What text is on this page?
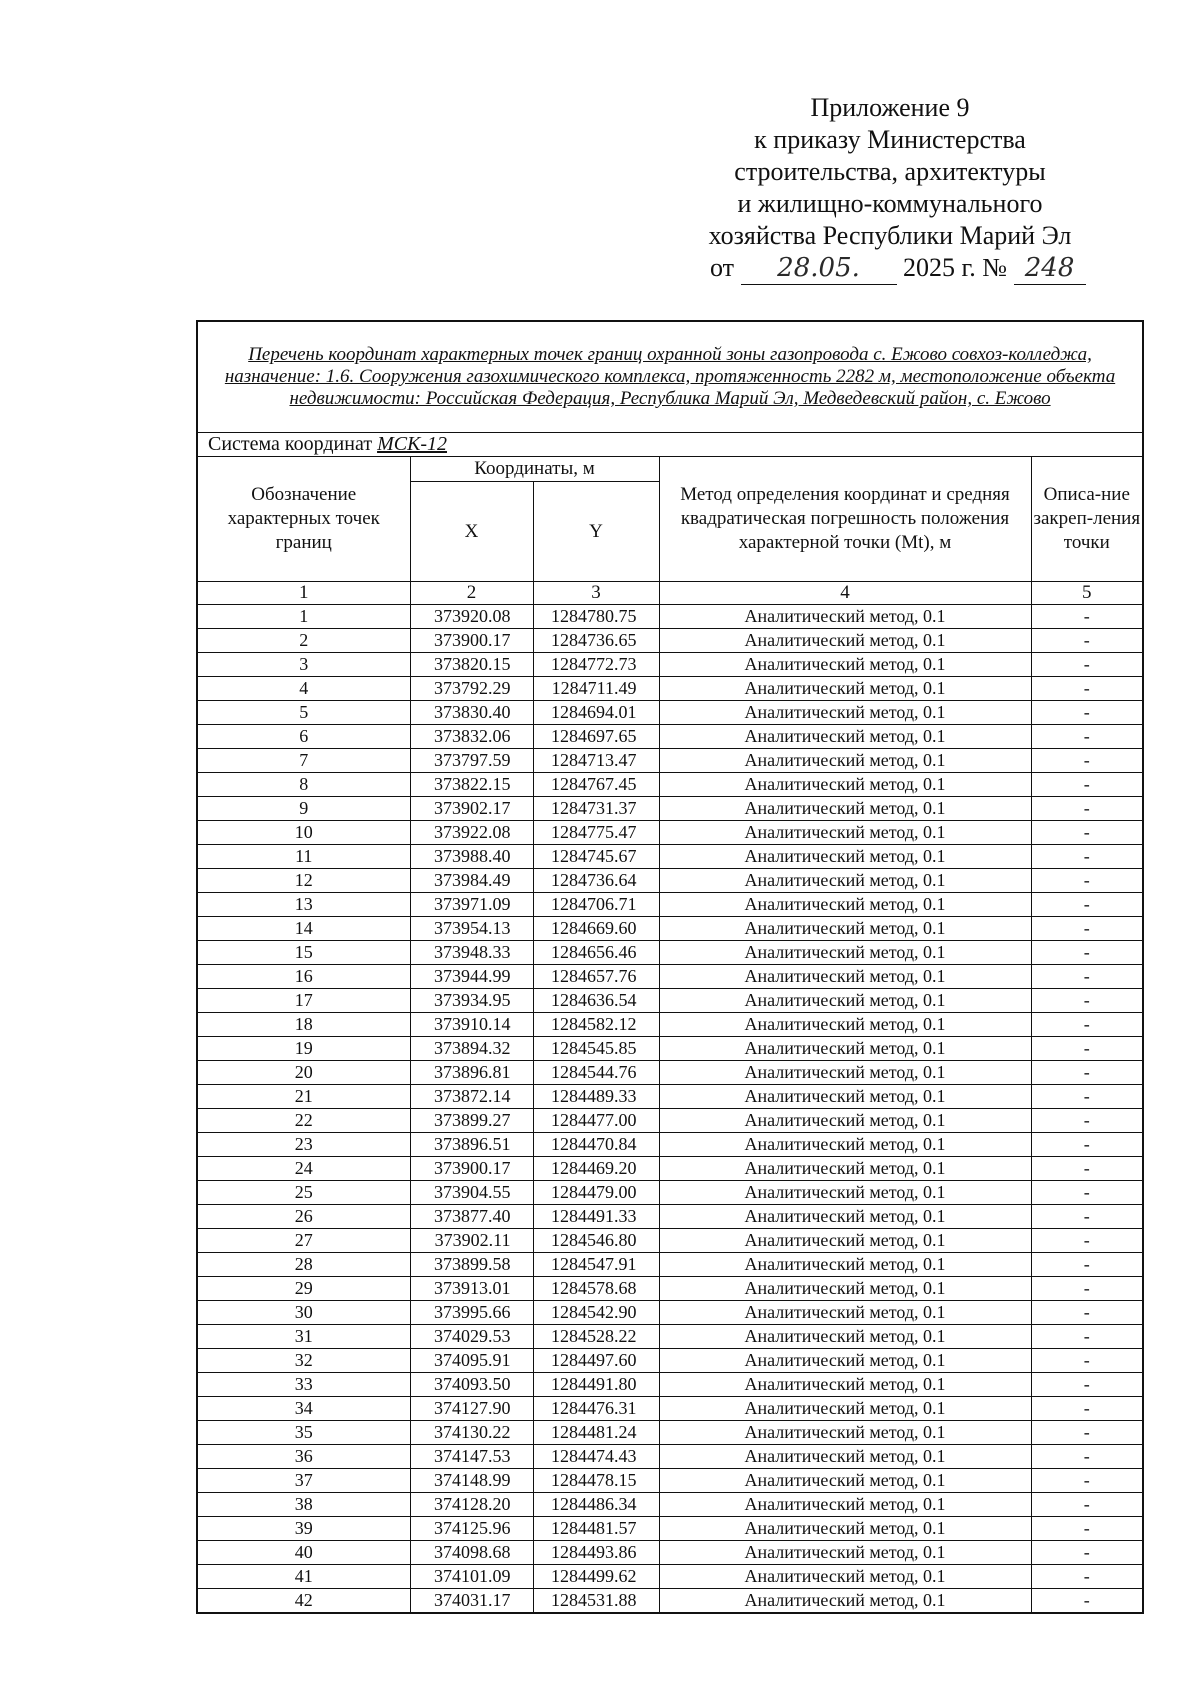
Приложение 9
к приказу Министерства
строительства, архитектуры
и жилищно-коммунального
хозяйства Республики Марий Эл
от 28.05. 2025 г. № 248
Перечень координат характерных точек границ охранной зоны газопровода с. Ежово совхоз-колледжа, назначение: 1.6. Сооружения газохимического комплекса, протяженность 2282 м, местоположение объекта недвижимости: Российская Федерация, Республика Марий Эл, Медведевский район, с. Ежово				
Система координат МСК-12				
Обозначение характерных точек границ	Координаты, м		Метод определения координат и средняя квадратическая погрешность положения характерной точки (Mt), м	Описа-ние закреп-ления точки
	X	Y		
1	2	3	4	5
1	373920.08	1284780.75	Аналитический метод, 0.1	-
2	373900.17	1284736.65	Аналитический метод, 0.1	-
3	373820.15	1284772.73	Аналитический метод, 0.1	-
4	373792.29	1284711.49	Аналитический метод, 0.1	-
5	373830.40	1284694.01	Аналитический метод, 0.1	-
6	373832.06	1284697.65	Аналитический метод, 0.1	-
7	373797.59	1284713.47	Аналитический метод, 0.1	-
8	373822.15	1284767.45	Аналитический метод, 0.1	-
9	373902.17	1284731.37	Аналитический метод, 0.1	-
10	373922.08	1284775.47	Аналитический метод, 0.1	-
11	373988.40	1284745.67	Аналитический метод, 0.1	-
12	373984.49	1284736.64	Аналитический метод, 0.1	-
13	373971.09	1284706.71	Аналитический метод, 0.1	-
14	373954.13	1284669.60	Аналитический метод, 0.1	-
15	373948.33	1284656.46	Аналитический метод, 0.1	-
16	373944.99	1284657.76	Аналитический метод, 0.1	-
17	373934.95	1284636.54	Аналитический метод, 0.1	-
18	373910.14	1284582.12	Аналитический метод, 0.1	-
19	373894.32	1284545.85	Аналитический метод, 0.1	-
20	373896.81	1284544.76	Аналитический метод, 0.1	-
21	373872.14	1284489.33	Аналитический метод, 0.1	-
22	373899.27	1284477.00	Аналитический метод, 0.1	-
23	373896.51	1284470.84	Аналитический метод, 0.1	-
24	373900.17	1284469.20	Аналитический метод, 0.1	-
25	373904.55	1284479.00	Аналитический метод, 0.1	-
26	373877.40	1284491.33	Аналитический метод, 0.1	-
27	373902.11	1284546.80	Аналитический метод, 0.1	-
28	373899.58	1284547.91	Аналитический метод, 0.1	-
29	373913.01	1284578.68	Аналитический метод, 0.1	-
30	373995.66	1284542.90	Аналитический метод, 0.1	-
31	374029.53	1284528.22	Аналитический метод, 0.1	-
32	374095.91	1284497.60	Аналитический метод, 0.1	-
33	374093.50	1284491.80	Аналитический метод, 0.1	-
34	374127.90	1284476.31	Аналитический метод, 0.1	-
35	374130.22	1284481.24	Аналитический метод, 0.1	-
36	374147.53	1284474.43	Аналитический метод, 0.1	-
37	374148.99	1284478.15	Аналитический метод, 0.1	-
38	374128.20	1284486.34	Аналитический метод, 0.1	-
39	374125.96	1284481.57	Аналитический метод, 0.1	-
40	374098.68	1284493.86	Аналитический метод, 0.1	-
41	374101.09	1284499.62	Аналитический метод, 0.1	-
42	374031.17	1284531.88	Аналитический метод, 0.1	-
